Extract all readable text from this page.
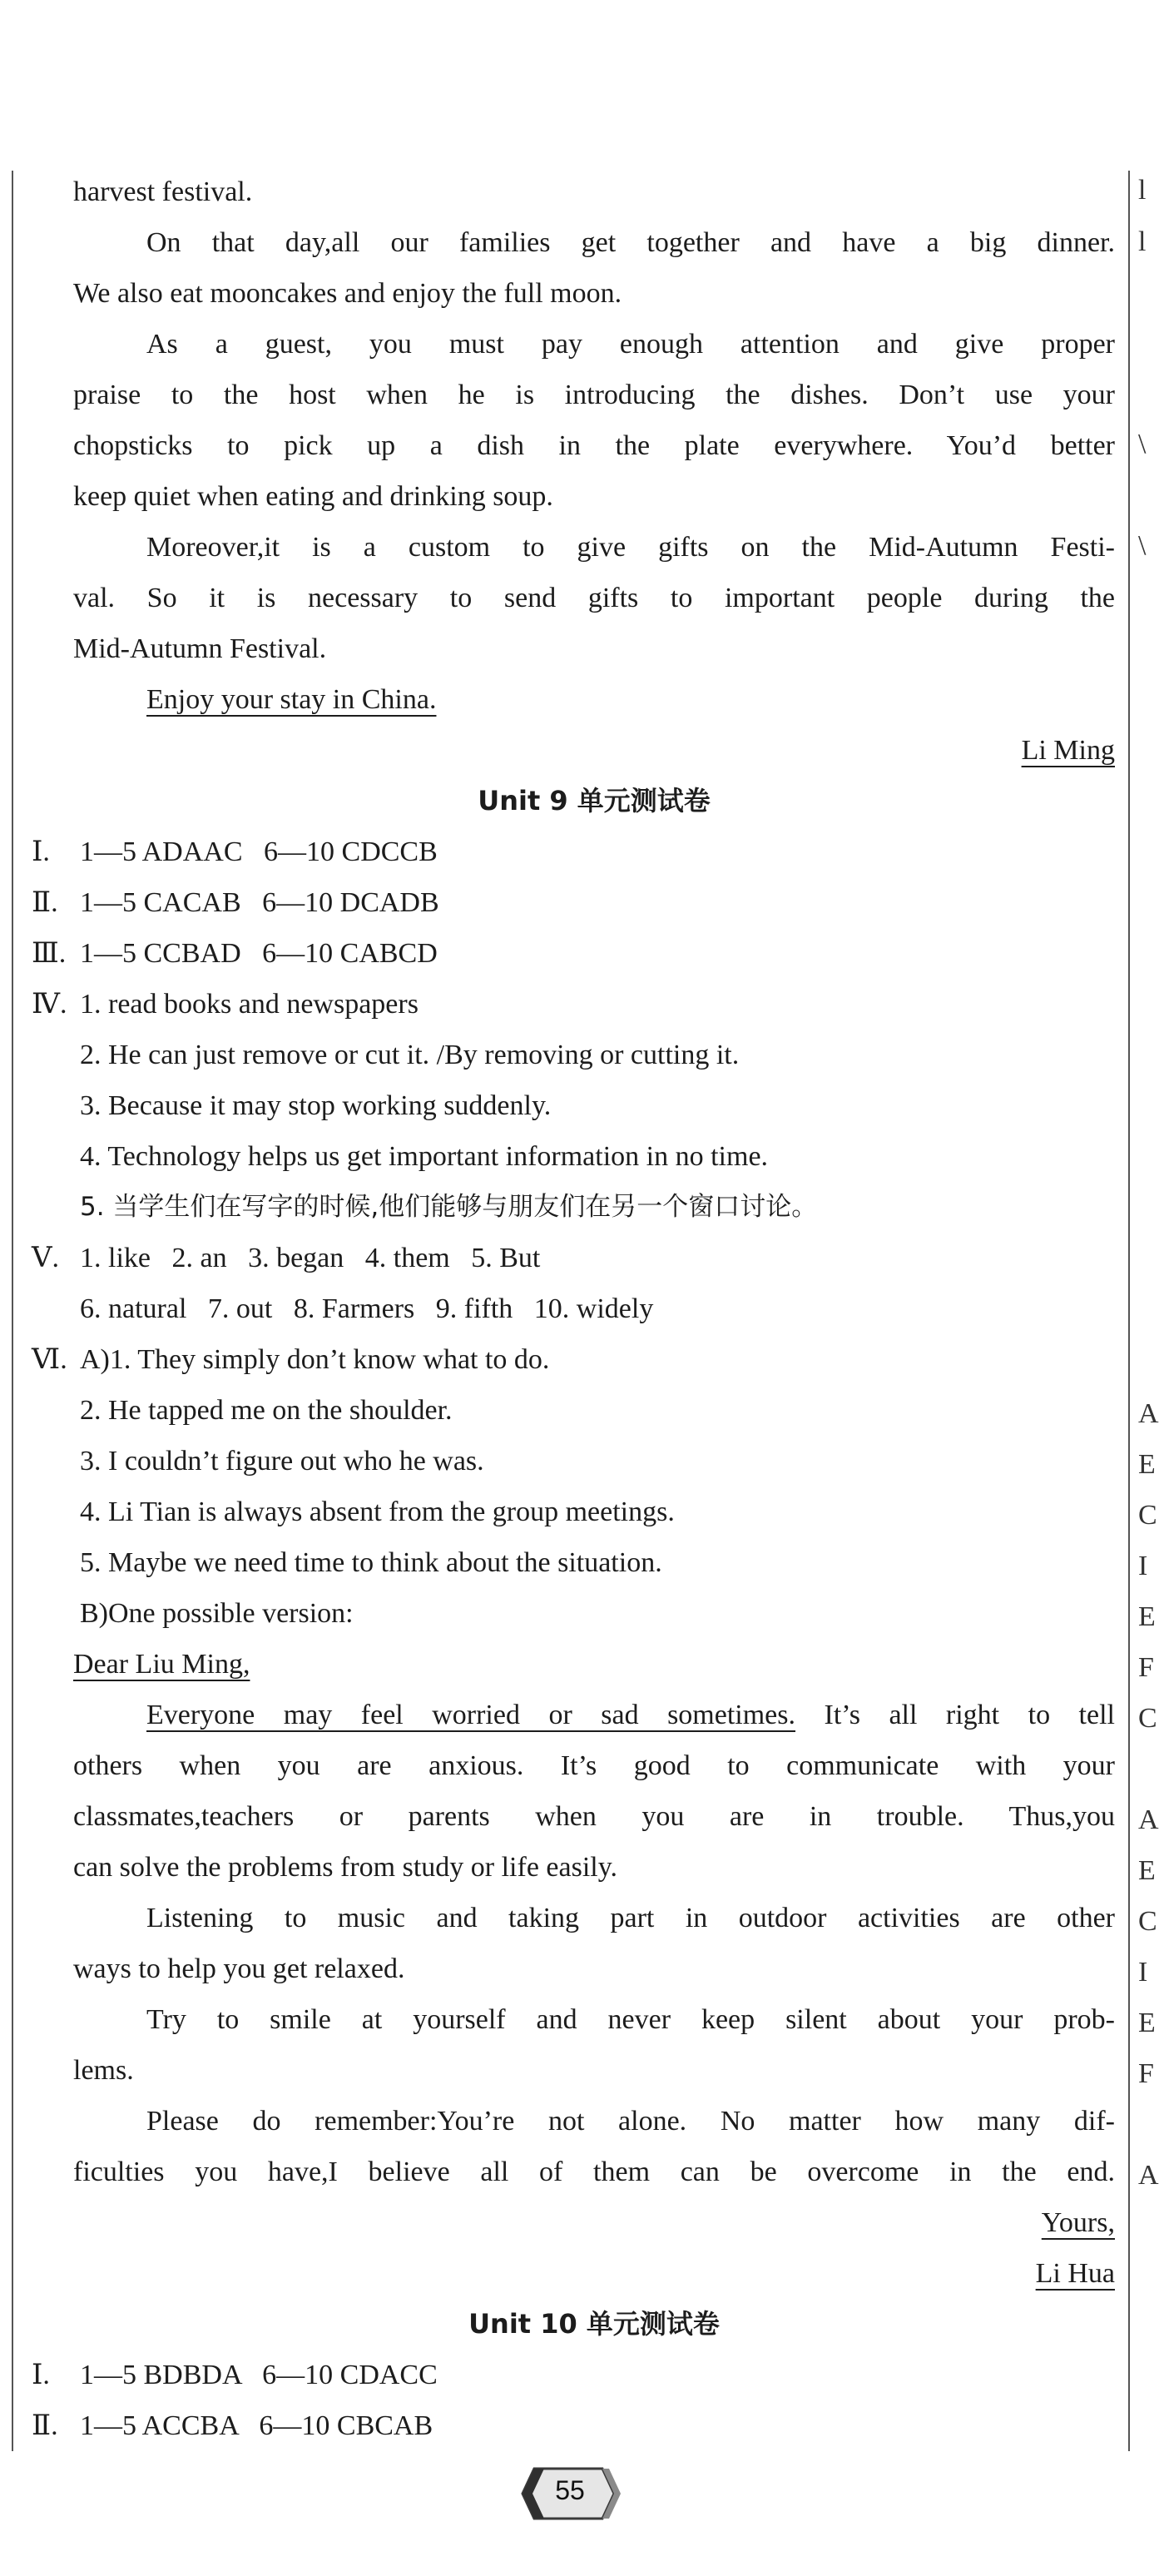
harvest festival.
On that day,all our families get together and have a big dinner.
We also eat mooncakes and enjoy the full moon.
As a guest, you must pay enough attention and give proper
praise to the host when he is introducing the dishes. Don’t use your
chopsticks to pick up a dish in the plate everywhere. You’d better
keep quiet when eating and drinking soup.
Moreover,it is a custom to give gifts on the Mid-Autumn Festi-
val. So it is necessary to send gifts to important people during the
Mid-Autumn Festival.
Enjoy your stay in China.
Li Ming
Unit 9 单元测试卷
Ⅰ.	1—5 ADAAC   6—10 CDCCB
Ⅱ. 1—5 CACAB   6—10 DCADB
Ⅲ. 1—5 CCBAD   6—10 CABCD
Ⅳ. 1. read books and newspapers
2. He can just remove or cut it. /By removing or cutting it.
3. Because it may stop working suddenly.
4. Technology helps us get important information in no time.
5. 当学生们在写字的时候,他们能够与朋友们在另一个窗口讨论。
Ⅴ. 1. like   2. an   3. began   4. them   5. But
6. natural   7. out   8. Farmers   9. fifth   10. widely
Ⅵ. A)1. They simply don’t know what to do.
2. He tapped me on the shoulder.
3. I couldn’t figure out who he was.
4. Li Tian is always absent from the group meetings.
5. Maybe we need time to think about the situation.
B)One possible version:
Dear Liu Ming,
Everyone may feel worried or sad sometimes. It’s all right to tell
others when you are anxious. It’s good to communicate with your
classmates,teachers or parents when you are in trouble. Thus,you
can solve the problems from study or life easily.
Listening to music and taking part in outdoor activities are other
ways to help you get relaxed.
Try to smile at yourself and never keep silent about your prob-
lems.
Please do remember:You’re not alone. No matter how many dif-
ficulties you have,I believe all of them can be overcome in the end.
Yours,
Li Hua
Unit 10 单元测试卷
Ⅰ.	1—5 BDBDA   6—10 CDACC
Ⅱ. 1—5 ACCBA   6—10 CBCAB
l
l
\
\
A
E
C
I
E
F
C
A
E
C
I
E
F
A
55
